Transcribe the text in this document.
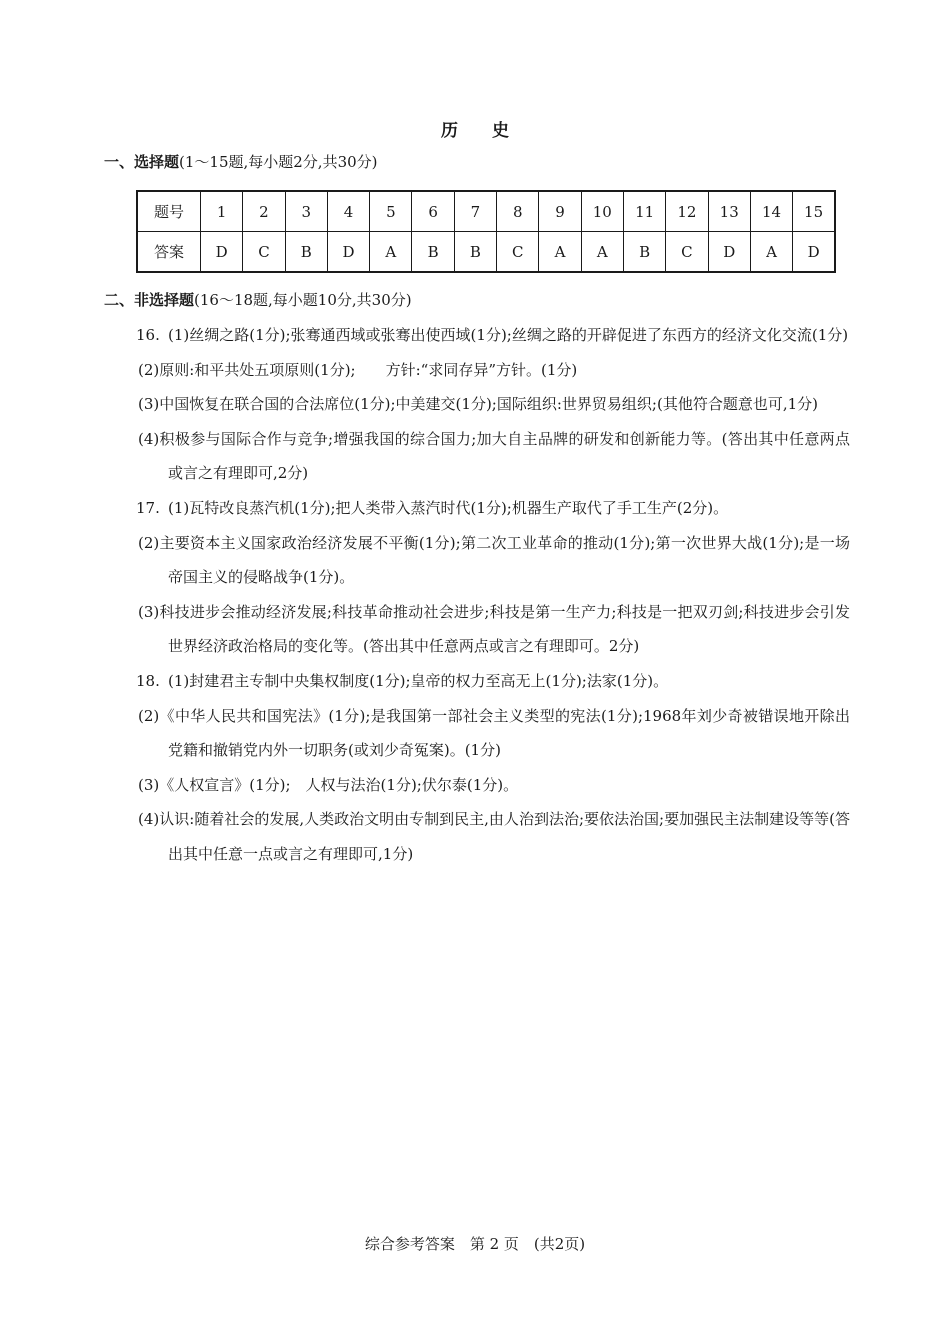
历 史
一、选择题(1～15题,每小题2分,共30分)
题号	1	2	3	4	5	6	7	8	9	10	11	12	13	14	15
答案	D	C	B	D	A	B	B	C	A	A	B	C	D	A	D
二、非选择题(16～18题,每小题10分,共30分)
16. (1)丝绸之路(1分);张骞通西域或张骞出使西域(1分);丝绸之路的开辟促进了东西方的经济文化交流(1分)
(2)原则:和平共处五项原则(1分);　　方针:“求同存异”方针。(1分)
(3)中国恢复在联合国的合法席位(1分);中美建交(1分);国际组织:世界贸易组织;(其他符合题意也可,1分)
(4)积极参与国际合作与竞争;增强我国的综合国力;加大自主品牌的研发和创新能力等。(答出其中任意两点或言之有理即可,2分)
17. (1)瓦特改良蒸汽机(1分);把人类带入蒸汽时代(1分);机器生产取代了手工生产(2分)。
(2)主要资本主义国家政治经济发展不平衡(1分);第二次工业革命的推动(1分);第一次世界大战(1分);是一场帝国主义的侵略战争(1分)。
(3)科技进步会推动经济发展;科技革命推动社会进步;科技是第一生产力;科技是一把双刃剑;科技进步会引发世界经济政治格局的变化等。(答出其中任意两点或言之有理即可。2分)
18. (1)封建君主专制中央集权制度(1分);皇帝的权力至高无上(1分);法家(1分)。
(2)《中华人民共和国宪法》(1分);是我国第一部社会主义类型的宪法(1分);1968年刘少奇被错误地开除出党籍和撤销党内外一切职务(或刘少奇冤案)。(1分)
(3)《人权宣言》(1分);　人权与法治(1分);伏尔泰(1分)。
(4)认识:随着社会的发展,人类政治文明由专制到民主,由人治到法治;要依法治国;要加强民主法制建设等等(答出其中任意一点或言之有理即可,1分)
综合参考答案　第 2 页　(共2页)
